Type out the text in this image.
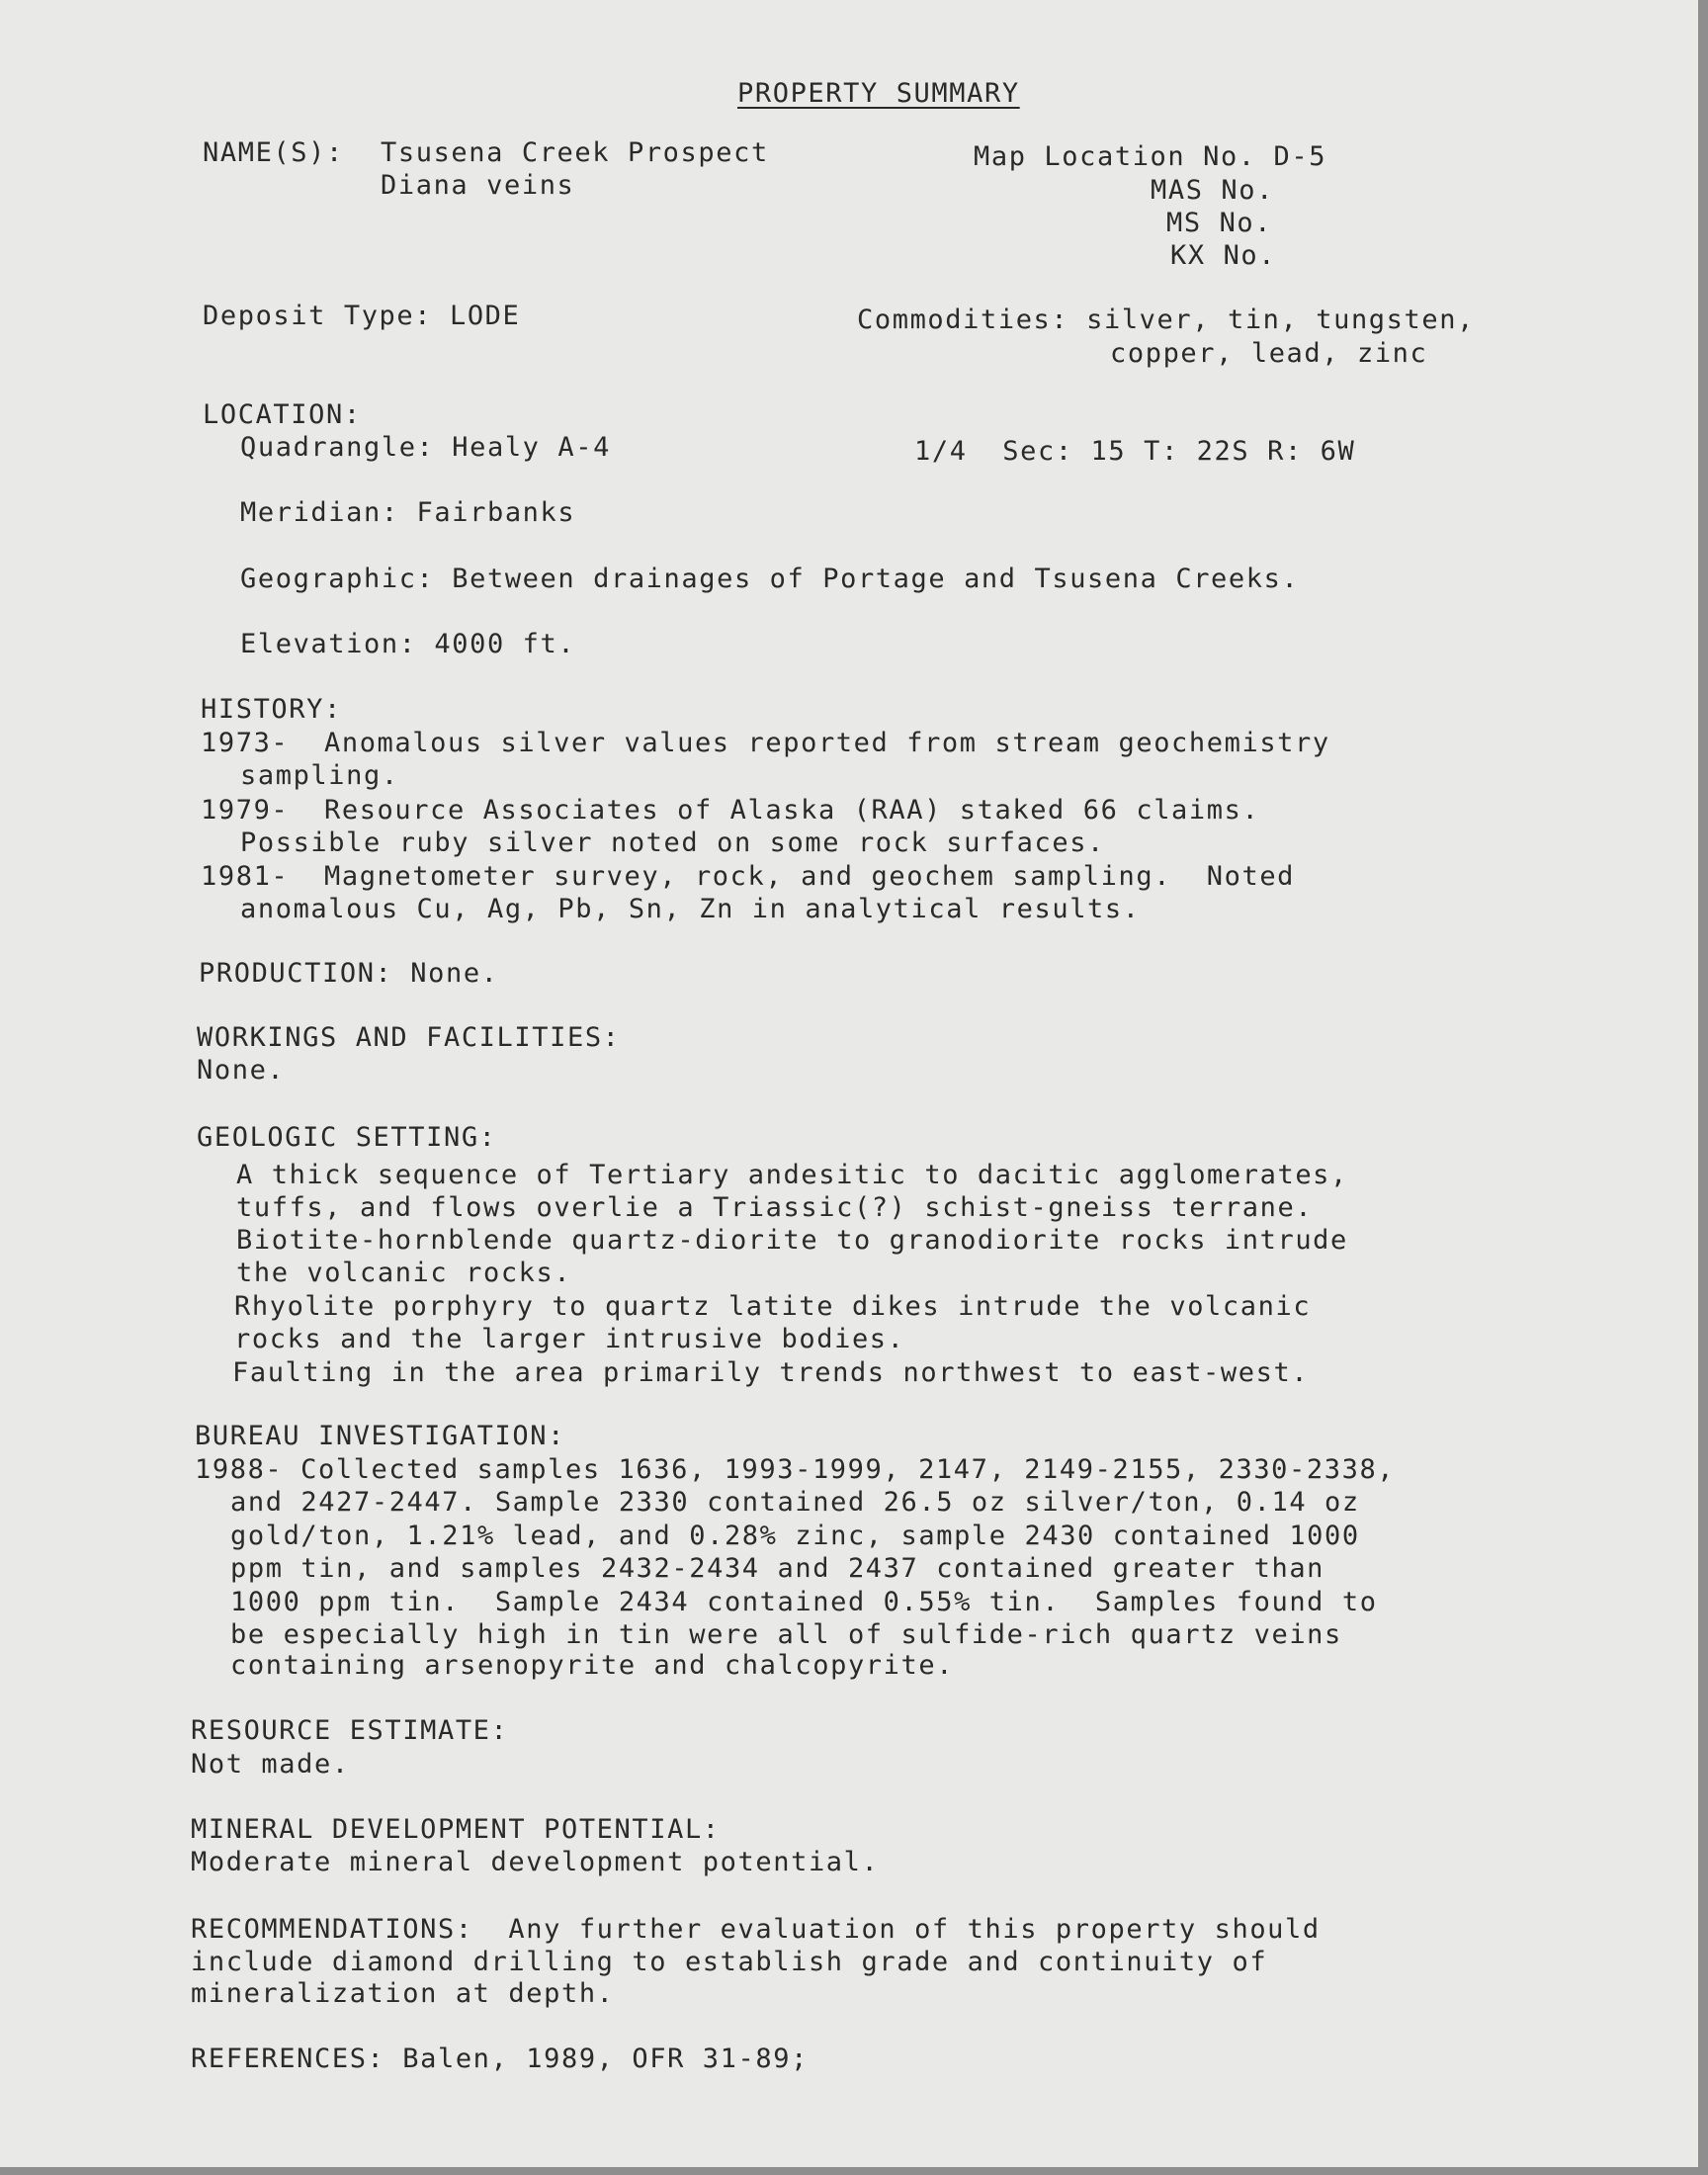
PROPERTY SUMMARY
NAME(S): Tsusena Creek Prospect
Diana veins
Map Location No. D-5
MAS No.
MS No.
KX No.
Deposit Type: LODE	Commodities: silver, tin, tungsten,
copper, lead, zinc
LOCATION:
Quadrangle: Healy A-4	1/4  Sec: 15 T: 22S R: 6W
Meridian: Fairbanks
Geographic: Between drainages of Portage and Tsusena Creeks.
Elevation: 4000 ft.
HISTORY:
1973-  Anomalous silver values reported from stream geochemistry
sampling.
1979-  Resource Associates of Alaska (RAA) staked 66 claims.
Possible ruby silver noted on some rock surfaces.
1981-  Magnetometer survey, rock, and geochem sampling.  Noted
anomalous Cu, Ag, Pb, Sn, Zn in analytical results.
PRODUCTION: None.
WORKINGS AND FACILITIES:
None.
GEOLOGIC SETTING:
A thick sequence of Tertiary andesitic to dacitic agglomerates,
tuffs, and flows overlie a Triassic(?) schist-gneiss terrane.
Biotite-hornblende quartz-diorite to granodiorite rocks intrude
the volcanic rocks.
Rhyolite porphyry to quartz latite dikes intrude the volcanic
rocks and the larger intrusive bodies.
Faulting in the area primarily trends northwest to east-west.
BUREAU INVESTIGATION:
1988- Collected samples 1636, 1993-1999, 2147, 2149-2155, 2330-2338,
and 2427-2447. Sample 2330 contained 26.5 oz silver/ton, 0.14 oz
gold/ton, 1.21% lead, and 0.28% zinc, sample 2430 contained 1000
ppm tin, and samples 2432-2434 and 2437 contained greater than
1000 ppm tin.  Sample 2434 contained 0.55% tin.  Samples found to
be especially high in tin were all of sulfide-rich quartz veins
containing arsenopyrite and chalcopyrite.
RESOURCE ESTIMATE:
Not made.
MINERAL DEVELOPMENT POTENTIAL:
Moderate mineral development potential.
RECOMMENDATIONS:  Any further evaluation of this property should
include diamond drilling to establish grade and continuity of
mineralization at depth.
REFERENCES: Balen, 1989, OFR 31-89;
